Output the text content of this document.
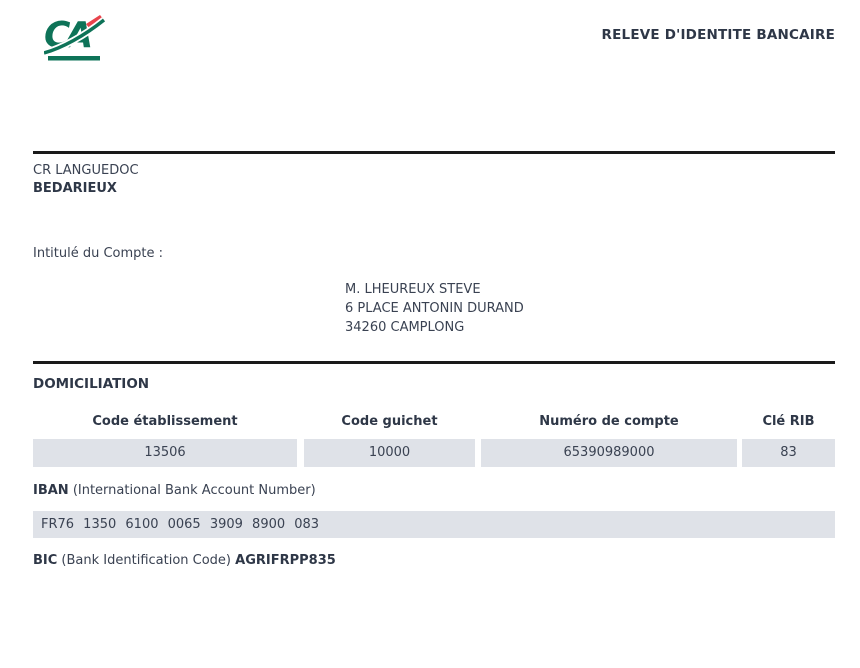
CA	RELEVE D'IDENTITE BANCAIRE
CR LANGUEDOC
BEDARIEUX
Intitulé du Compte :
M. LHEUREUX STEVE
6 PLACE ANTONIN DURAND
34260 CAMPLONG
DOMICILIATION
Code établissement	Code guichet	Numéro de compte	Clé RIB
13506	10000	65390989000	83
IBAN (International Bank Account Number)
FR76 1350 6100 0065 3909 8900 083
BIC (Bank Identification Code) AGRIFRPP835
